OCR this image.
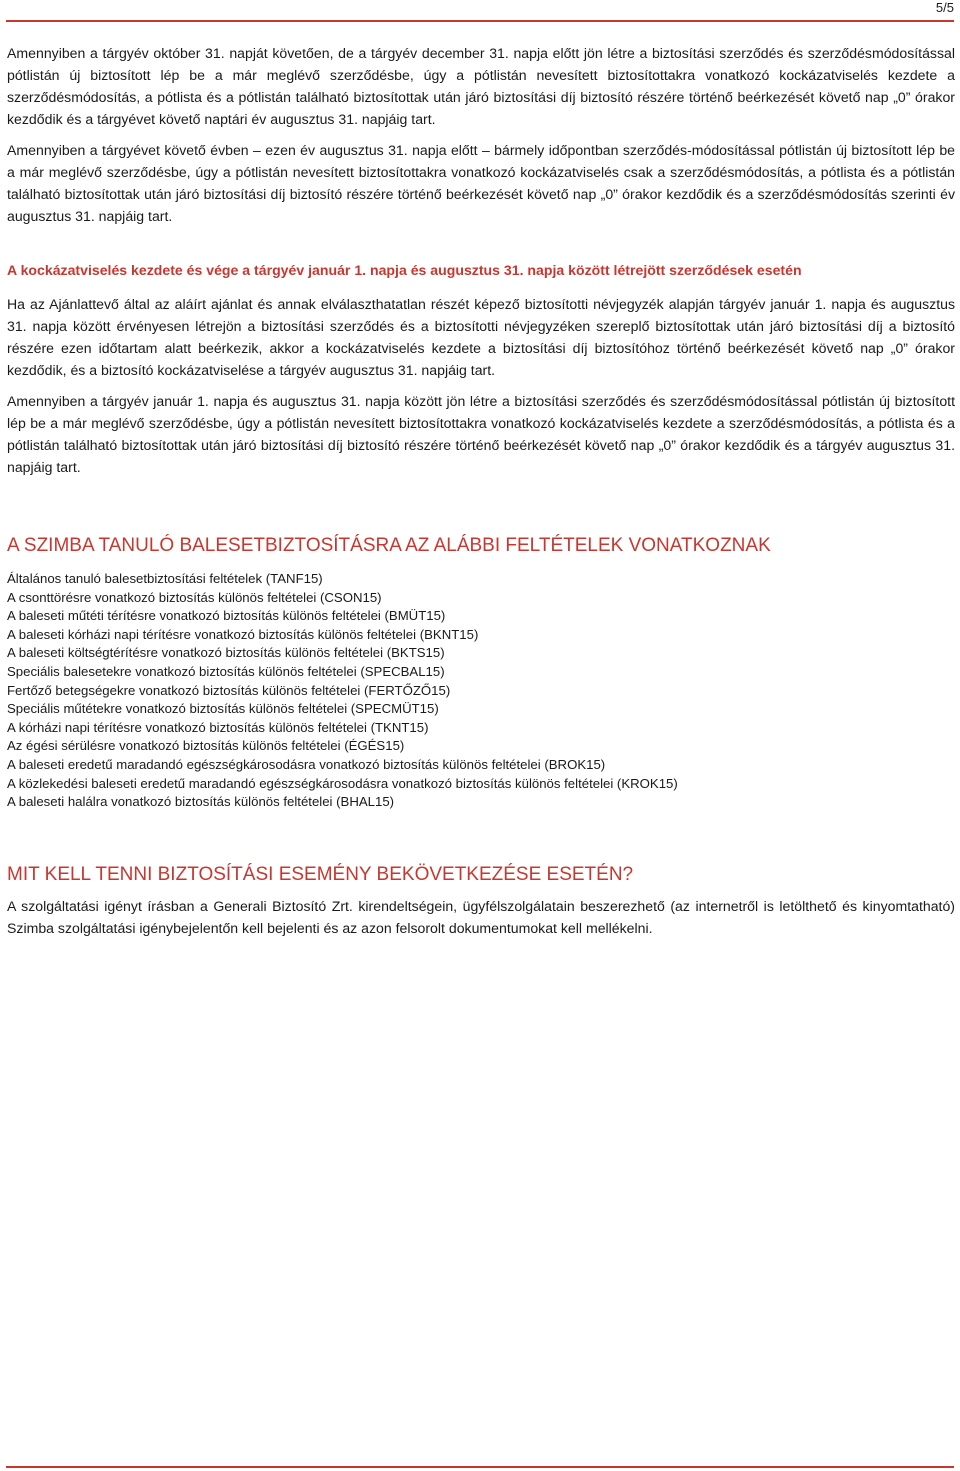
5/5

Amennyiben a tárgyév október 31. napját követően, de a tárgyév december 31. napja előtt jön létre a biztosítási szerződés és szerződésmódosítással pótlistán új biztosított lép be a már meglévő szerződésbe, úgy a pótlistán nevesített biztosítottakra vonatkozó kockázatviselés kezdete a szerződésmódosítás, a pótlista és a pótlistán található biztosítottak után járó biztosítási díj biztosító részére történő beérkezését követő nap „0” órakor kezdődik és a tárgyévet követő naptári év augusztus 31. napjáig tart.

Amennyiben a tárgyévet követő évben – ezen év augusztus 31. napja előtt – bármely időpontban szerződés-módosítással pótlistán új biztosított lép be a már meglévő szerződésbe, úgy a pótlistán nevesített biztosítottakra vonatkozó kockázatviselés csak a szerződésmódosítás, a pótlista és a pótlistán található biztosítottak után járó biztosítási díj biztosító részére történő beérkezését követő nap „0” órakor kezdődik és a szerződésmódosítás szerinti év augusztus 31. napjáig tart.

A kockázatviselés kezdete és vége a tárgyév január 1. napja és augusztus 31. napja között létrejött szerződések esetén

Ha az Ajánlattevő által az aláírt ajánlat és annak elválaszthatatlan részét képező biztosítotti névjegyzék alapján tárgyév január 1. napja és augusztus 31. napja között érvényesen létrejön a biztosítási szerződés és a biztosítotti névjegyzéken szereplő biztosítottak után járó biztosítási díj a biztosító részére ezen időtartam alatt beérkezik, akkor a kockázatviselés kezdete a biztosítási díj biztosítóhoz történő beérkezését követő nap „0” órakor kezdődik, és a biztosító kockázatviselése a tárgyév augusztus 31. napjáig tart.

Amennyiben a tárgyév január 1. napja és augusztus 31. napja között jön létre a biztosítási szerződés és szerződésmódosítással pótlistán új biztosított lép be a már meglévő szerződésbe, úgy a pótlistán nevesített biztosítottakra vonatkozó kockázatviselés kezdete a szerződésmódosítás, a pótlista és a pótlistán található biztosítottak után járó biztosítási díj biztosító részére történő beérkezését követő nap „0” órakor kezdődik és a tárgyév augusztus 31. napjáig tart.

A SZIMBA TANULÓ BALESETBIZTOSÍTÁSRA AZ ALÁBBI FELTÉTELEK VONATKOZNAK
Általános tanuló balesetbiztosítási feltételek (TANF15)
A csonttörésre vonatkozó biztosítás különös feltételei (CSON15)
A baleseti műtéti térítésre vonatkozó biztosítás különös feltételei (BMÜT15)
A baleseti kórházi napi térítésre vonatkozó biztosítás különös feltételei (BKNT15)
A baleseti költségtérítésre vonatkozó biztosítás különös feltételei (BKTS15)
Speciális balesetekre vonatkozó biztosítás különös feltételei (SPECBAL15)
Fertőző betegségekre vonatkozó biztosítás különös feltételei (FERTŐZŐ15)
Speciális műtétekre vonatkozó biztosítás különös feltételei (SPECMÜT15)
A kórházi napi térítésre vonatkozó biztosítás különös feltételei (TKNT15)
Az égési sérülésre vonatkozó biztosítás különös feltételei (ÉGÉS15)
A baleseti eredetű maradandó egészségkárosodásra vonatkozó biztosítás különös feltételei (BROK15)
A közlekedési baleseti eredetű maradandó egészségkárosodásra vonatkozó biztosítás különös feltételei (KROK15)
A baleseti halálra vonatkozó biztosítás különös feltételei (BHAL15)
MIT KELL TENNI BIZTOSÍTÁSI ESEMÉNY BEKÖVETKEZÉSE ESETÉN?

A szolgáltatási igényt írásban a Generali Biztosító Zrt. kirendeltségein, ügyfélszolgálatain beszerezhető (az internetről is letölthető és kinyomtatható) Szimba szolgáltatási igénybejelentőn kell bejelenti és az azon felsorolt dokumentumokat kell mellékelni.
